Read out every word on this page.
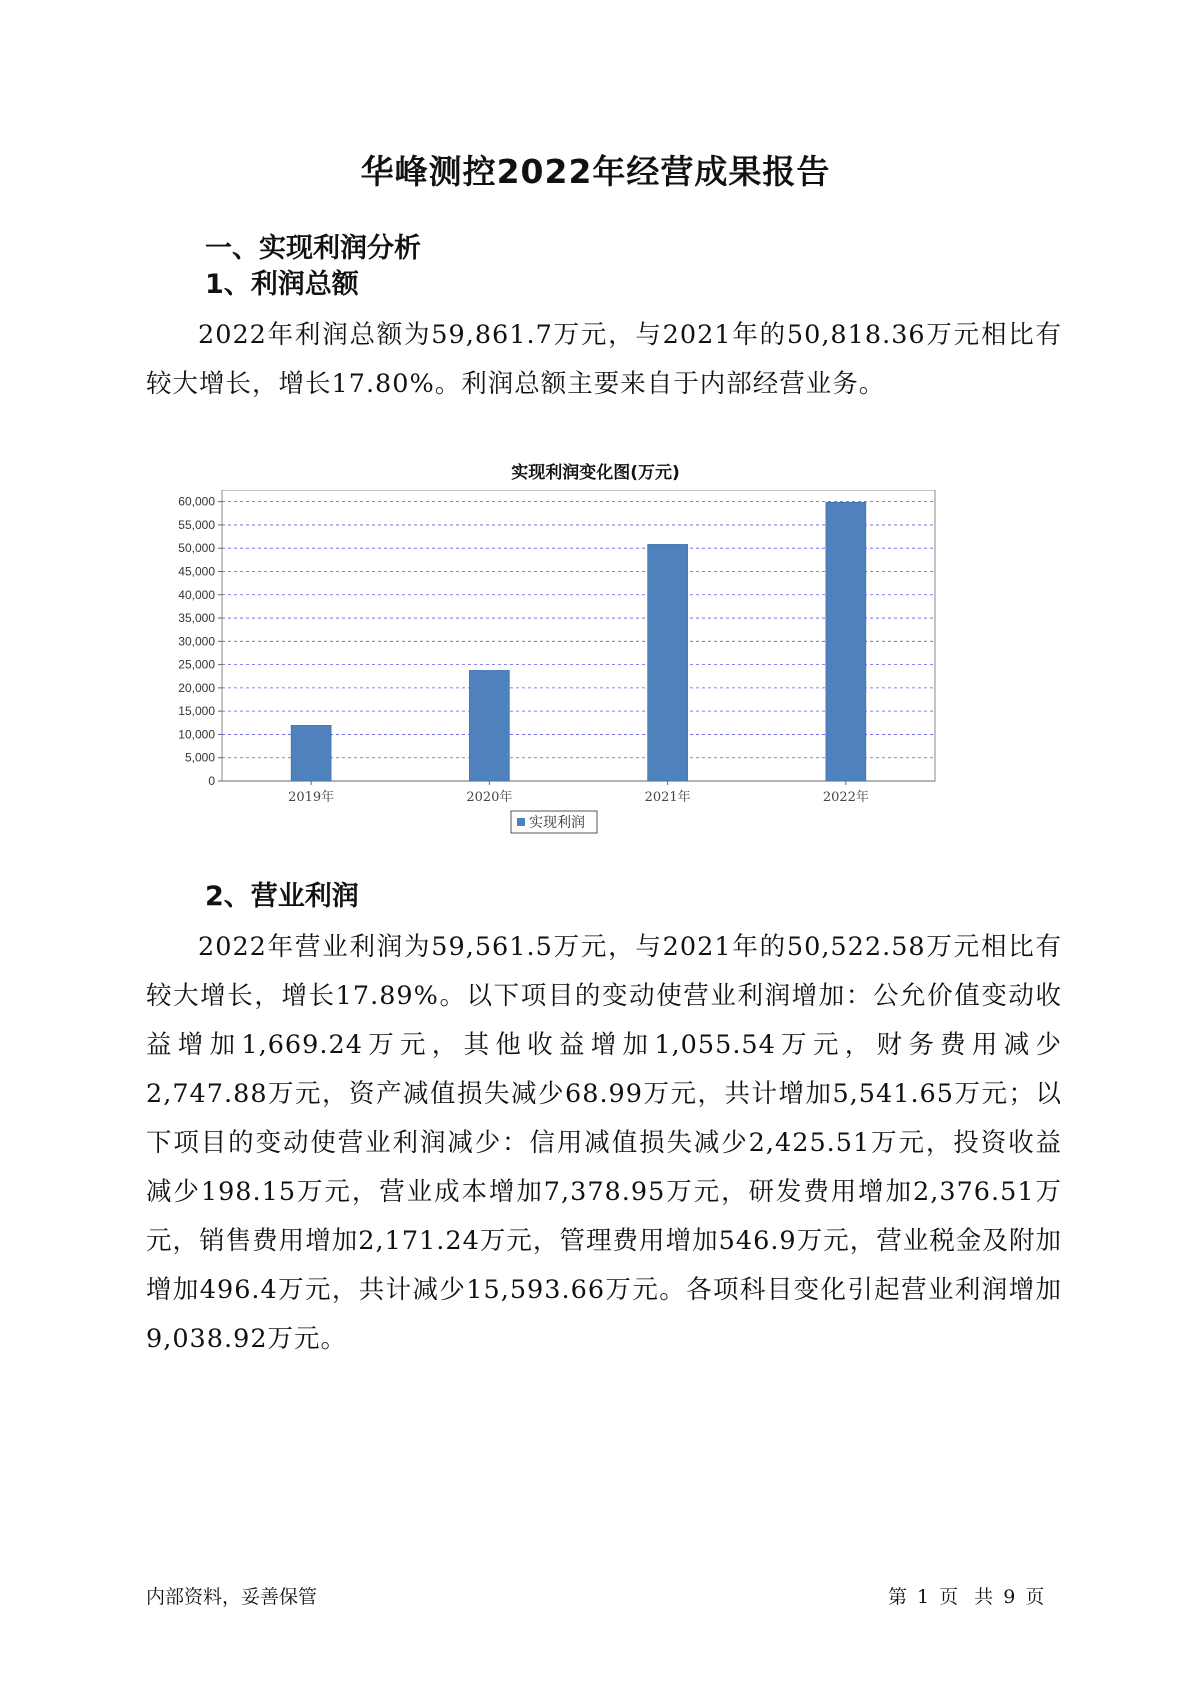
华峰测控2022年经营成果报告
一、实现利润分析
1、利润总额
2022年利润总额为59,861.7万元，与2021年的50,818.36万元相比有较大增长，增长17.80%。利润总额主要来自于内部经营业务。
实现利润变化图(万元)
0
5,000
10,000
15,000
20,000
25,000
30,000
35,000
40,000
45,000
50,000
55,000
60,000
2019年	2020年	2021年	2022年
实现利润
2、营业利润
2022年营业利润为59,561.5万元，与2021年的50,522.58万元相比有较大增长，增长17.89%。以下项目的变动使营业利润增加：公允价值变动收益增加1,669.24万元，其他收益增加1,055.54万元，财务费用减少2,747.88万元，资产减值损失减少68.99万元，共计增加5,541.65万元；以下项目的变动使营业利润减少：信用减值损失减少2,425.51万元，投资收益减少198.15万元，营业成本增加7,378.95万元，研发费用增加2,376.51万元，销售费用增加2,171.24万元，管理费用增加546.9万元，营业税金及附加增加496.4万元，共计减少15,593.66万元。各项科目变化引起营业利润增加9,038.92万元。
内部资料，妥善保管	第 1 页 共 9 页
